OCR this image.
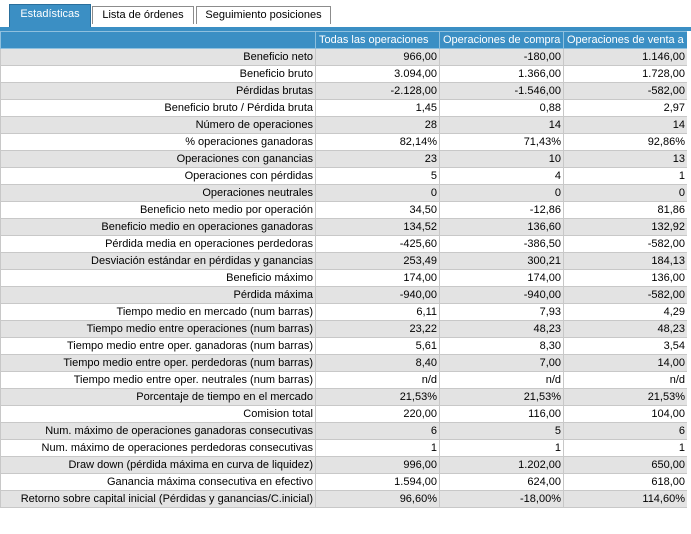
Estadísticas	Lista de órdenes	Seguimiento posiciones
	Todas las operaciones	Operaciones de compra	Operaciones de venta a
Beneficio neto	966,00	-180,00	1.146,00
Beneficio bruto	3.094,00	1.366,00	1.728,00
Pérdidas brutas	-2.128,00	-1.546,00	-582,00
Beneficio bruto / Pérdida bruta	1,45	0,88	2,97
Número de operaciones	28	14	14
% operaciones ganadoras	82,14%	71,43%	92,86%
Operaciones con ganancias	23	10	13
Operaciones con pérdidas	5	4	1
Operaciones neutrales	0	0	0
Beneficio neto medio por operación	34,50	-12,86	81,86
Beneficio medio en operaciones ganadoras	134,52	136,60	132,92
Pérdida media en operaciones perdedoras	-425,60	-386,50	-582,00
Desviación estándar en pérdidas y ganancias	253,49	300,21	184,13
Beneficio máximo	174,00	174,00	136,00
Pérdida máxima	-940,00	-940,00	-582,00
Tiempo medio en mercado (num barras)	6,11	7,93	4,29
Tiempo medio entre operaciones (num barras)	23,22	48,23	48,23
Tiempo medio entre oper. ganadoras (num barras)	5,61	8,30	3,54
Tiempo medio entre oper. perdedoras (num barras)	8,40	7,00	14,00
Tiempo medio entre oper. neutrales (num barras)	n/d	n/d	n/d
Porcentaje de tiempo en el mercado	21,53%	21,53%	21,53%
Comision total	220,00	116,00	104,00
Num. máximo de operaciones ganadoras consecutivas	6	5	6
Num. máximo de operaciones perdedoras consecutivas	1	1	1
Draw down (pérdida máxima en curva de liquidez)	996,00	1.202,00	650,00
Ganancia máxima consecutiva en efectivo	1.594,00	624,00	618,00
Retorno sobre capital inicial (Pérdidas y ganancias/C.inicial)	96,60%	-18,00%	114,60%
